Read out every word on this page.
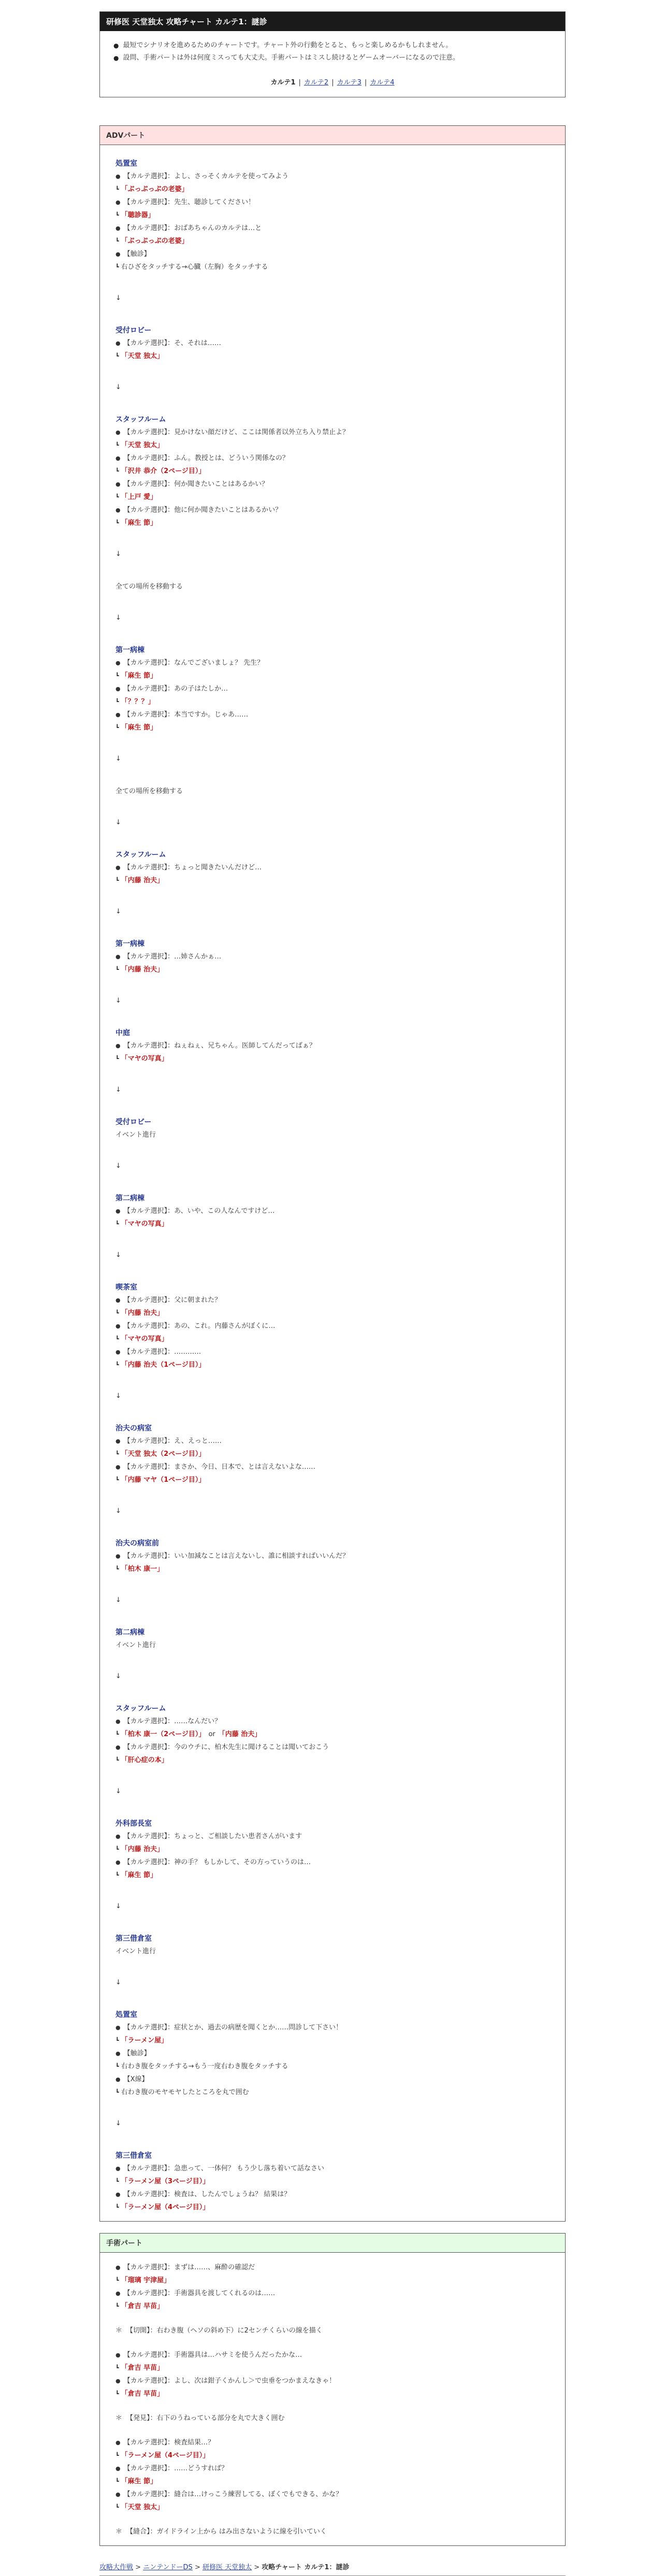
研修医 天堂独太 攻略チャート カルテ1：謎診
● 最短でシナリオを進めるためのチャートです。チャート外の行動をとると、もっと楽しめるかもしれません。
● 設問、手術パートは外は何度ミスっても大丈夫。手術パートはミスし続けるとゲームオーバーになるので注意。
カルテ1 | カルテ2 | カルテ3 | カルテ4
ADVパート
処置室
● 【カルテ選択】：よし、さっそくカルテを使ってみよう
┗ 「ぷっぷっぷの老婆」
● 【カルテ選択】：先生、聴診してください！
┗ 「聴診器」
● 【カルテ選択】：おばあちゃんのカルテは…と
┗ 「ぷっぷっぷの老婆」
● 【触診】
┗ 右ひざをタッチする→心臓（左胸）をタッチする
↓
受付ロビー
● 【カルテ選択】：そ、それは……
┗ 「天堂 独太」
↓
スタッフルーム
● 【カルテ選択】：見かけない顔だけど、ここは関係者以外立ち入り禁止よ？
┗ 「天堂 独太」
● 【カルテ選択】：ふん。教授とは、どういう関係なの？
┗ 「沢井 恭介（2ページ目）」
● 【カルテ選択】：何か聞きたいことはあるかい？
┗ 「上戸 愛」
● 【カルテ選択】：他に何か聞きたいことはあるかい？
┗ 「麻生 節」
↓
全ての場所を移動する
↓
第一病棟
● 【カルテ選択】：なんでございましょ？ 先生？
┗ 「麻生 節」
● 【カルテ選択】：あの子はたしか…
┗ 「？？？」
● 【カルテ選択】：本当ですか。じゃあ……
┗ 「麻生 節」
↓
全ての場所を移動する
↓
スタッフルーム
● 【カルテ選択】：ちょっと聞きたいんだけど…
┗ 「内藤 治夫」
↓
第一病棟
● 【カルテ選択】：…姉さんかぁ…
┗ 「内藤 治夫」
↓
中庭
● 【カルテ選択】：ねぇねぇ、兄ちゃん。医師してんだってばぁ？
┗ 「マヤの写真」
↓
受付ロビー
イベント進行
↓
第二病棟
● 【カルテ選択】：あ、いや、この人なんですけど…
┗ 「マヤの写真」
↓
喫茶室
● 【カルテ選択】：父に朝まれた？
┗ 「内藤 治夫」
● 【カルテ選択】：あの、これ。内藤さんがぼくに…
┗ 「マヤの写真」
● 【カルテ選択】：…………
┗ 「内藤 治夫（1ページ目）」
↓
治夫の病室
● 【カルテ選択】：え、えっと……
┗ 「天堂 独太（2ページ目）」
● 【カルテ選択】：まさか、今日、日本で、とは言えないよな……
┗ 「内藤 マヤ（1ページ目）」
↓
治夫の病室前
● 【カルテ選択】：いい加減なことは言えないし、誰に相談すればいいんだ？
┗ 「柏木 康一」
↓
第二病棟
イベント進行
↓
スタッフルーム
● 【カルテ選択】：……なんだい？
┗ 「柏木 康一（2ページ目）」 or 「内藤 治夫」
● 【カルテ選択】：今のウチに、柏木先生に聞けることは聞いておこう
┗ 「肝心症の本」
↓
外科部長室
● 【カルテ選択】：ちょっと、ご相談したい患者さんがいます
┗ 「内藤 治夫」
● 【カルテ選択】：神の手？ もしかして、その方っていうのは…
┗ 「麻生 節」
↓
第三借倉室
イベント進行
↓
処置室
● 【カルテ選択】：症状とか、過去の病歴を聞くとか……問診して下さい！
┗ 「ラーメン屋」
● 【触診】
┗ 右わき腹をタッチする→もう一度右わき腹をタッチする
● 【X線】
┗ 右わき腹のモヤモヤしたところを丸で囲む
↓
第三借倉室
● 【カルテ選択】：急患って、一体何？ もう少し落ち着いて話なさい
┗ 「ラーメン屋（3ページ目）」
● 【カルテ選択】：検査は、したんでしょうね？ 結果は？
┗ 「ラーメン屋（4ページ目）」
手術パート
● 【カルテ選択】：まずは……、麻酔の確認だ
┗ 「瑠璃 宇津屋」
● 【カルテ選択】：手術器具を渡してくれるのは……
┗ 「倉吉 早苗」
＊ 【切開】：右わき腹（ヘソの斜め下）に2センチくらいの線を描く
● 【カルテ選択】：手術器具は…ハサミを使うんだったかな…
┗ 「倉吉 早苗」
● 【カルテ選択】：よし、次は鉗子くかんし＞で虫垂をつかまえなきゃ！
┗ 「倉吉 早苗」
＊ 【発見】：右下のうねっている部分を丸で大きく囲む
● 【カルテ選択】：検査結果…？
┗ 「ラーメン屋（4ページ目）」
● 【カルテ選択】：……どうすれば？
┗ 「麻生 節」
● 【カルテ選択】：縫合は…けっこう練習してる、ぼくでもできる、かな？
┗ 「天堂 独太」
＊ 【縫合】：ガイドライン上から はみ出さないように線を引いていく
攻略大作戦 > ニンテンドーDS > 研修医 天堂独太 > 攻略チャート カルテ1：謎診
